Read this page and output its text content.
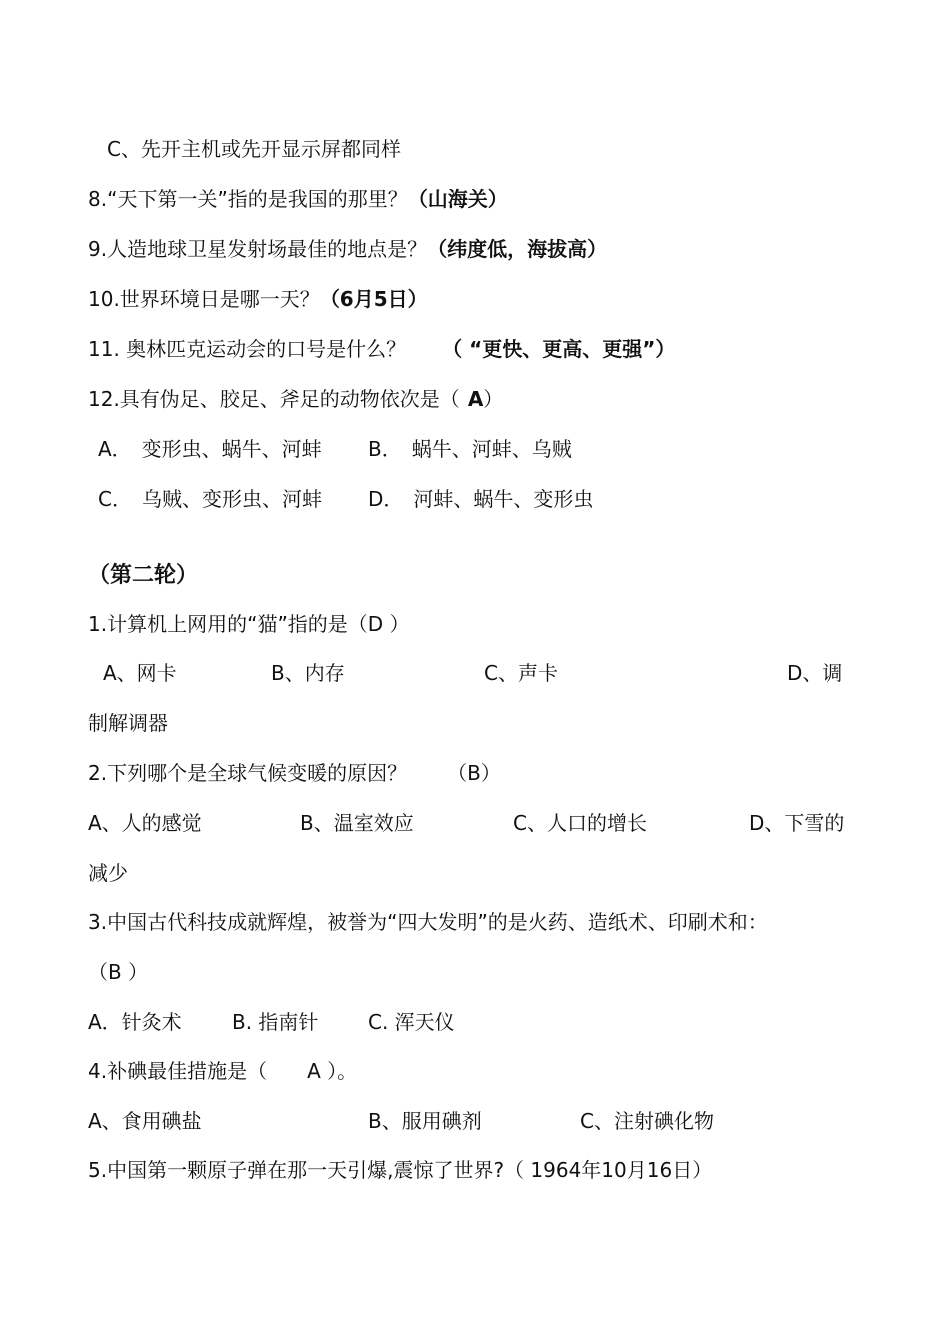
C、先开主机或先开显示屏都同样
8.“天下第一关”指的是我国的那里？（山海关）
9.人造地球卫星发射场最佳的地点是？（纬度低，海拔高）
10.世界环境日是哪一天？（6月5日）
11. 奥林匹克运动会的口号是什么？ （ “更快、更高、更强”）
12.具有伪足、胶足、斧足的动物依次是（ A）
A．　变形虫、蜗牛、河蚌 B．　蜗牛、河蚌、乌贼
C．　乌贼、变形虫、河蚌 D．　河蚌、蜗牛、变形虫
（第二轮）
1.计算机上网用的“猫”指的是（D ）
A、网卡	B、内存	C、声卡	D、调
制解调器
2.下列哪个是全球气候变暖的原因？ （B）
A、人的感觉	B、温室效应	C、人口的增长	D、下雪的
减少
3.中国古代科技成就辉煌，被誉为“四大发明”的是火药、造纸术、印刷术和：
（B ）
A．针灸术	B. 指南针 C. 浑天仪
4.补碘最佳措施是（　　A ）。
A、食用碘盐	B、服用碘剂	C、注射碘化物
5.中国第一颗原子弹在那一天引爆,震惊了世界?（ 1964年10月16日）
